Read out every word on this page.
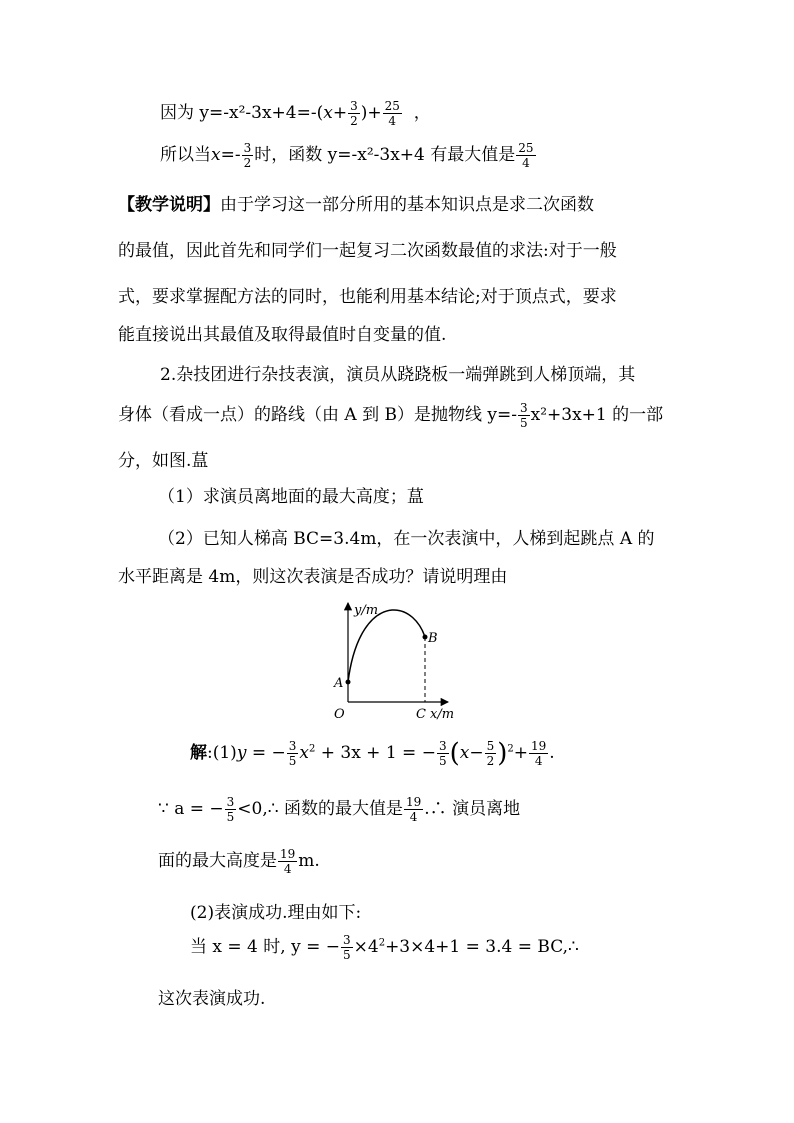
因为 $y=-x^2-3x+4=-(x+ \frac{3}{2}$ )+ $\frac{25}{4}$ ，
所以当$x=- \frac{3}{2}$ 时，函数 y=-x²-3x+4 有最大值是 $\frac{25}{4}$
【教学说明】由于学习这一部分所用的基本知识点是求二次函数
的最值，因此首先和同学们一起复习二次函数最值的求法:对于一般
式，要求掌握配方法的同时，也能利用基本结论;对于顶点式，要求
能直接说出其最值及取得最值时自变量的值.
2.杂技团进行杂技表演，演员从跷跷板一端弹跳到人梯顶端，其
身体（看成一点）的路线（由 A 到 B）是抛物线 $y=- \frac{3}{5} x^2+3x+1$ 的一部
分，如图.蒀
（1）求演员离地面的最大高度；蒀
（2）已知人梯高 BC=3.4m，在一次表演中，人梯到起跳点 A 的
水平距离是 4m，则这次表演是否成功？请说明理由
y/m
x/m
A
B
C
O
解:(1)y = − $\frac{3}{5} x^2 + 3x + 1$ = − $\frac{3}{5} (x- \frac{5}{2} )^2+ \frac{19}{4}$ .
∵ a = − $\frac{3}{5}$ <0,∴ 函数的最大值是 $\frac{19}{4}$ .∴ 演员离地
面的最大高度是 $\frac{19}{4} m$.
(2)表演成功.理由如下:
当 x = 4 时, y = − $\frac{3}{5} \times 4^2+3\times 4+1 = 3.4$ = BC,∴
这次表演成功.
